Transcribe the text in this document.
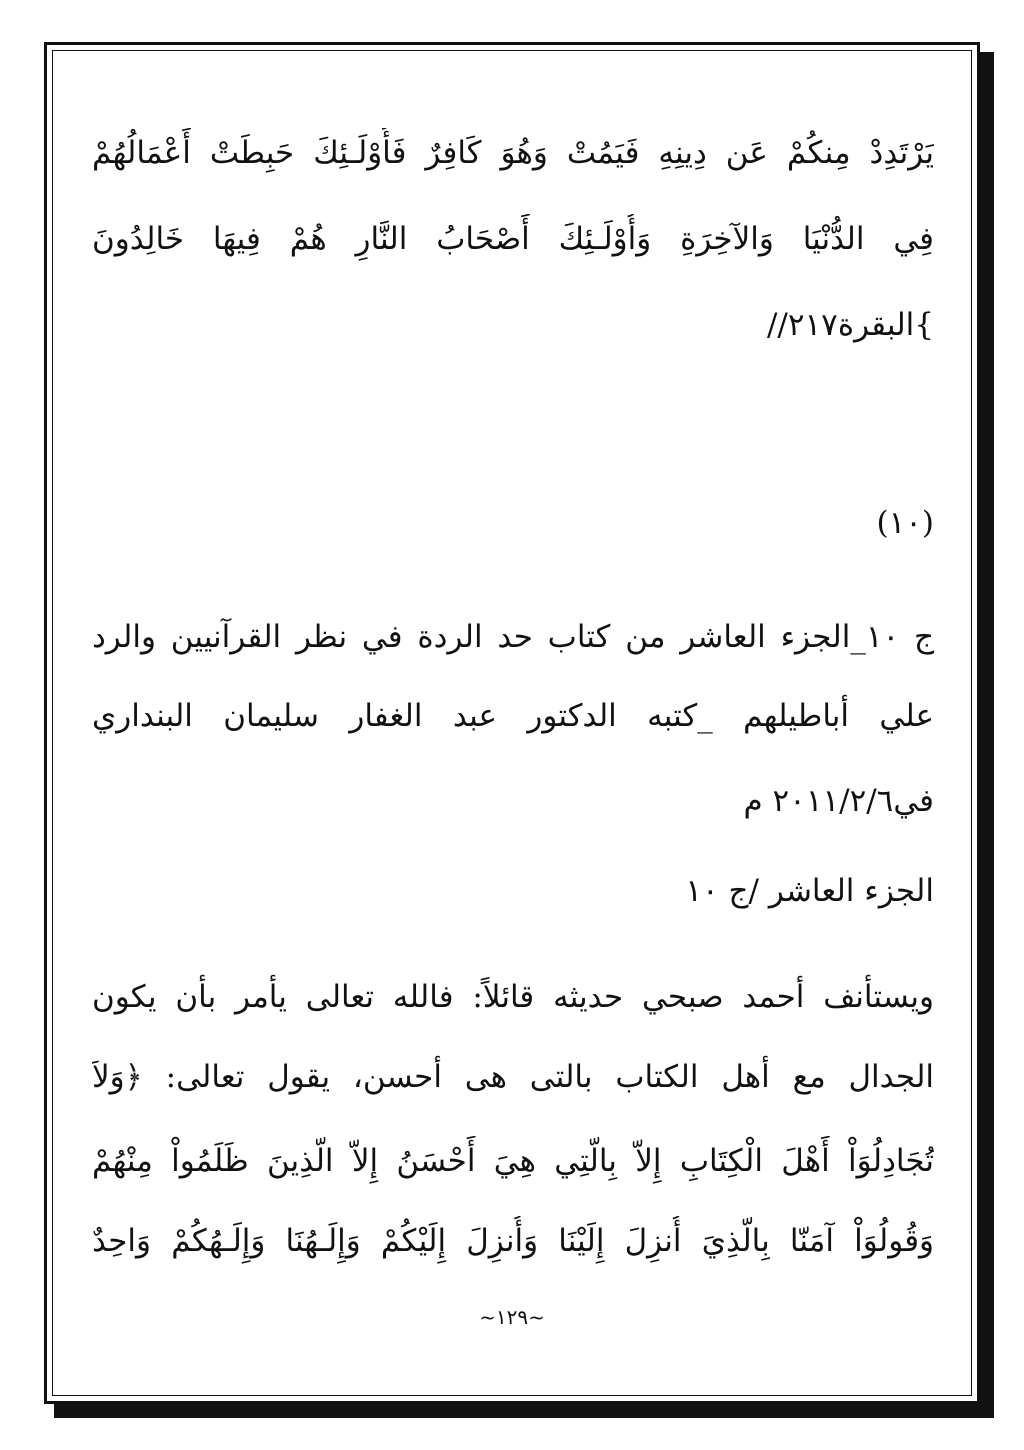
يَرْتَدِدْ مِنكُمْ عَن دِينِهِ فَيَمُتْ وَهُوَ كَافِرٌ فَأُوْلَـئِكَ حَبِطَتْ أَعْمَالُهُمْ
فِي الدُّنْيَا وَالآخِرَةِ وَأُوْلَـئِكَ أَصْحَابُ النَّارِ هُمْ فِيهَا خَالِدُونَ
}البقرة٢١٧//
(١٠)
ج ١٠_الجزء العاشر من كتاب حد الردة في نظر القرآنيين والرد
علي أباطيلهم _كتبه الدكتور عبد الغفار سليمان البنداري
في٢٠١١/٢/٦ م
الجزء العاشر /ج ١٠
ويستأنف أحمد صبحي حديثه قائلاً: فالله تعالى يأمر بأن يكون
الجدال مع أهل الكتاب بالتى هى أحسن، يقول تعالى: ﴿وَلاَ
تُجَادِلُوَاْ أَهْلَ الْكِتَابِ إِلاّ بِالّتِي هِيَ أَحْسَنُ إِلاّ الّذِينَ ظَلَمُواْ مِنْهُمْ
وَقُولُوَاْ آمَنّا بِالّذِيَ أُنزِلَ إِلَيْنَا وَأُنزِلَ إِلَيْكُمْ وَإِلَـهُنَا وَإِلَـهُكُمْ وَاحِدٌ
~١٢٩~
